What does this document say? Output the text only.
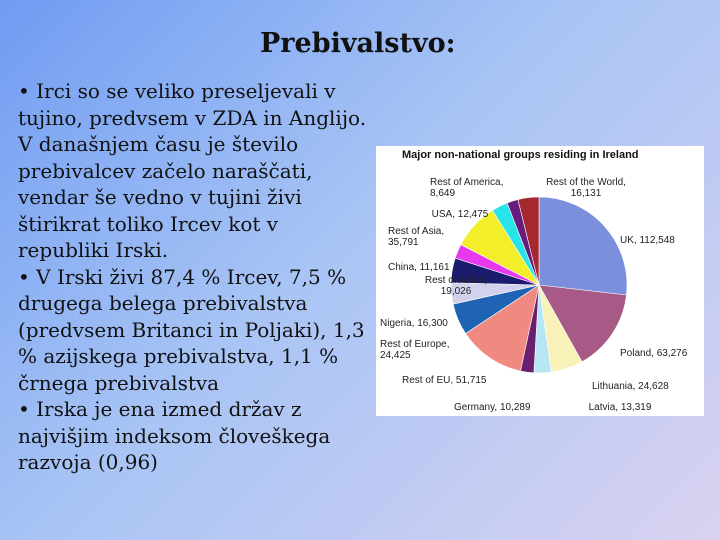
Prebivalstvo:

• Irci so se veliko preseljevali v tujino, predvsem v ZDA in Anglijo. V današnjem času je število prebivalcev začelo naraščati, vendar še vedno v tujini živi štirikrat toliko Ircev kot v republiki Irski.

• V Irski živi 87,4 % Ircev, 7,5 % drugega belega prebivalstva (predvsem Britanci in Poljaki), 1,3 % azijskega prebivalstva, 1,1 % črnega prebivalstva

• Irska je ena izmed držav z najvišjim indeksom človeškega razvoja (0,96)

Major non-national groups residing in Ireland
UK, 112,548
Poland, 63,276
Lithuania, 24,628
Latvia, 13,319
Germany, 10,289
Rest of EU, 51,715
Rest of Europe, 24,425
Nigeria, 16,300
Rest of Africa, 19,026
China, 11,161
Rest of Asia, 35,791
USA, 12,475
Rest of America, 8,649
Rest of the World, 16,131
